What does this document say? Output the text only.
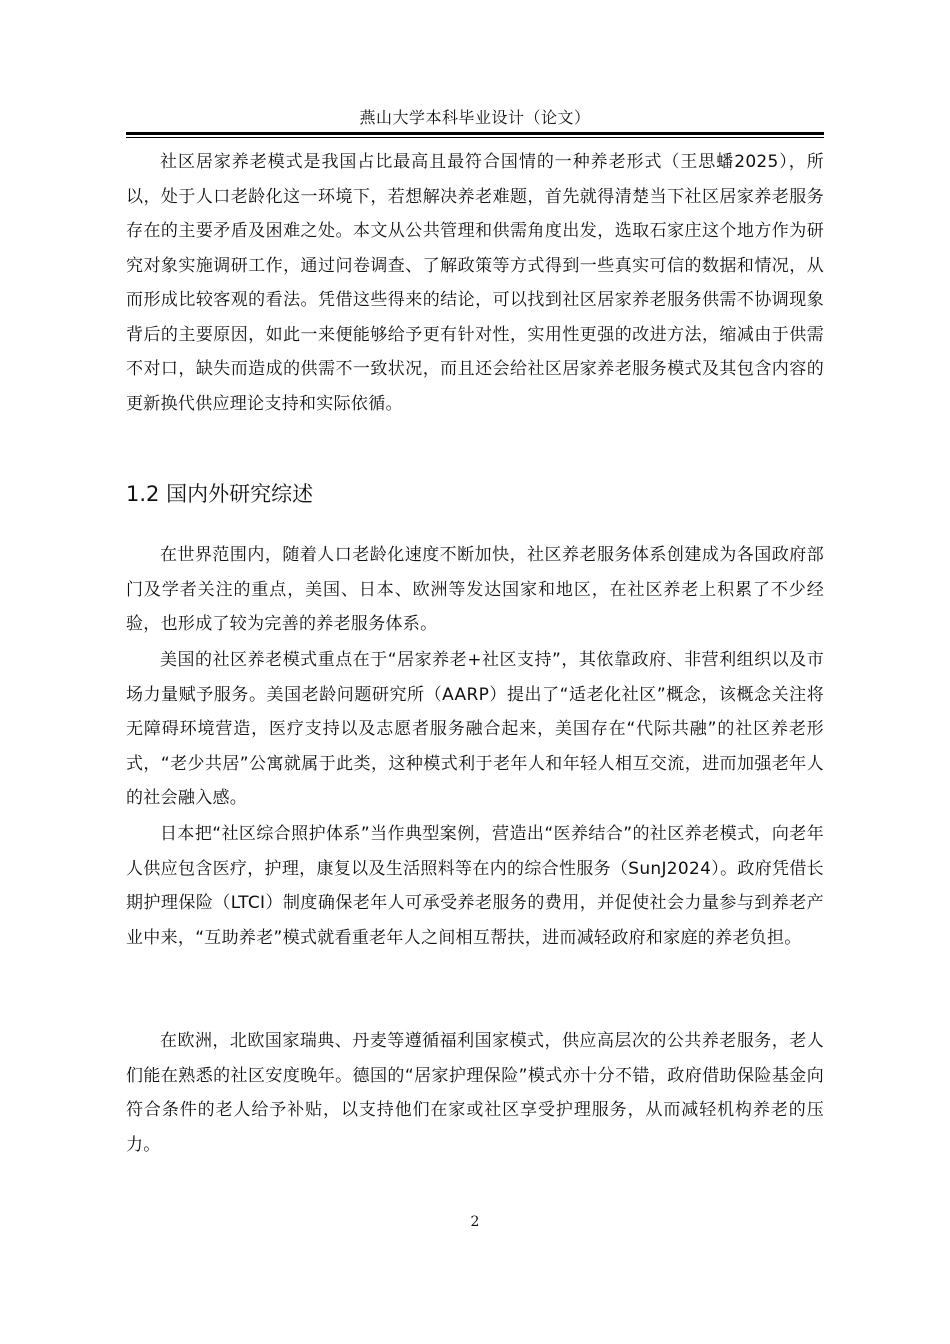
燕山大学本科毕业设计（论文）

社区居家养老模式是我国占比最高且最符合国情的一种养老形式（王思蟠2025），所以，处于人口老龄化这一环境下，若想解决养老难题，首先就得清楚当下社区居家养老服务存在的主要矛盾及困难之处。本文从公共管理和供需角度出发，选取石家庄这个地方作为研究对象实施调研工作，通过问卷调查、了解政策等方式得到一些真实可信的数据和情况，从而形成比较客观的看法。凭借这些得来的结论，可以找到社区居家养老服务供需不协调现象背后的主要原因，如此一来便能够给予更有针对性，实用性更强的改进方法，缩减由于供需不对口，缺失而造成的供需不一致状况，而且还会给社区居家养老服务模式及其包含内容的更新换代供应理论支持和实际依循。

1.2 国内外研究综述

在世界范围内，随着人口老龄化速度不断加快，社区养老服务体系创建成为各国政府部门及学者关注的重点，美国、日本、欧洲等发达国家和地区，在社区养老上积累了不少经验，也形成了较为完善的养老服务体系。

美国的社区养老模式重点在于“居家养老+社区支持”，其依靠政府、非营利组织以及市场力量赋予服务。美国老龄问题研究所（AARP）提出了“适老化社区”概念，该概念关注将无障碍环境营造，医疗支持以及志愿者服务融合起来，美国存在“代际共融”的社区养老形式，“老少共居”公寓就属于此类，这种模式利于老年人和年轻人相互交流，进而加强老年人的社会融入感。

日本把“社区综合照护体系”当作典型案例，营造出“医养结合”的社区养老模式，向老年人供应包含医疗，护理，康复以及生活照料等在内的综合性服务（SunJ2024）。政府凭借长期护理保险（LTCI）制度确保老年人可承受养老服务的费用，并促使社会力量参与到养老产业中来，“互助养老”模式就看重老年人之间相互帮扶，进而减轻政府和家庭的养老负担。

在欧洲，北欧国家瑞典、丹麦等遵循福利国家模式，供应高层次的公共养老服务，老人们能在熟悉的社区安度晚年。德国的“居家护理保险”模式亦十分不错，政府借助保险基金向符合条件的老人给予补贴，以支持他们在家或社区享受护理服务，从而减轻机构养老的压力。

2
